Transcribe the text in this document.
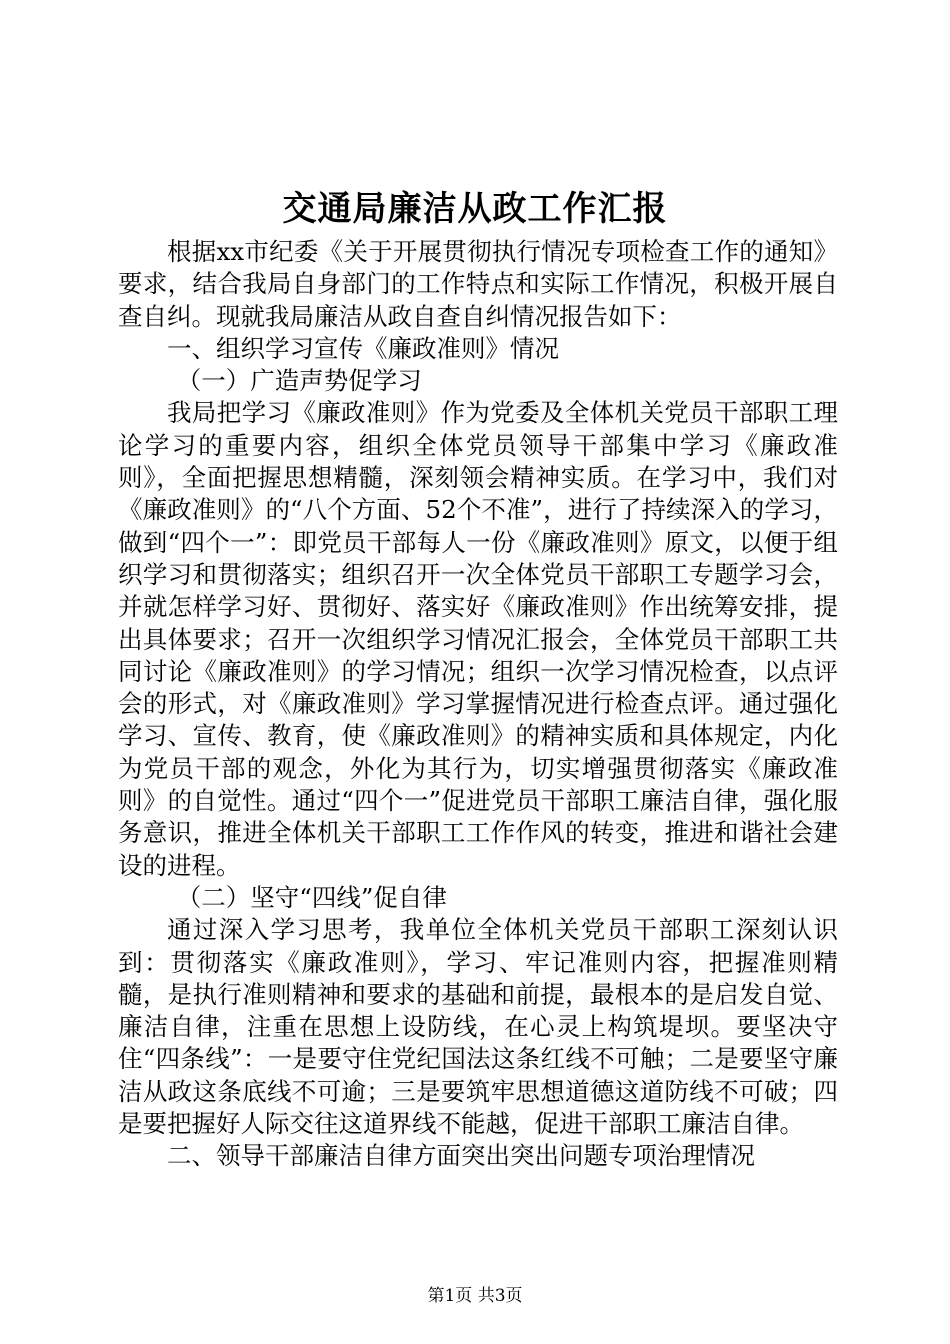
交通局廉洁从政工作汇报

根据xx市纪委《关于开展贯彻执行情况专项检查工作的通知》要求，结合我局自身部门的工作特点和实际工作情况，积极开展自查自纠。现就我局廉洁从政自查自纠情况报告如下：

一、组织学习宣传《廉政准则》情况

（一）广造声势促学习

我局把学习《廉政准则》作为党委及全体机关党员干部职工理论学习的重要内容，组织全体党员领导干部集中学习《廉政准则》，全面把握思想精髓，深刻领会精神实质。在学习中，我们对《廉政准则》的“八个方面、52个不准”，进行了持续深入的学习，做到“四个一”：即党员干部每人一份《廉政准则》原文，以便于组织学习和贯彻落实；组织召开一次全体党员干部职工专题学习会，并就怎样学习好、贯彻好、落实好《廉政准则》作出统筹安排，提出具体要求；召开一次组织学习情况汇报会，全体党员干部职工共同讨论《廉政准则》的学习情况；组织一次学习情况检查，以点评会的形式，对《廉政准则》学习掌握情况进行检查点评。通过强化学习、宣传、教育，使《廉政准则》的精神实质和具体规定，内化为党员干部的观念，外化为其行为，切实增强贯彻落实《廉政准则》的自觉性。通过“四个一”促进党员干部职工廉洁自律，强化服务意识，推进全体机关干部职工工作作风的转变，推进和谐社会建设的进程。

（二）坚守“四线”促自律

通过深入学习思考，我单位全体机关党员干部职工深刻认识到：贯彻落实《廉政准则》，学习、牢记准则内容，把握准则精髓，是执行准则精神和要求的基础和前提，最根本的是启发自觉、廉洁自律，注重在思想上设防线，在心灵上构筑堤坝。要坚决守住“四条线”：一是要守住党纪国法这条红线不可触；二是要坚守廉洁从政这条底线不可逾；三是要筑牢思想道德这道防线不可破；四是要把握好人际交往这道界线不能越，促进干部职工廉洁自律。

二、领导干部廉洁自律方面突出突出问题专项治理情况

第1页 共3页
